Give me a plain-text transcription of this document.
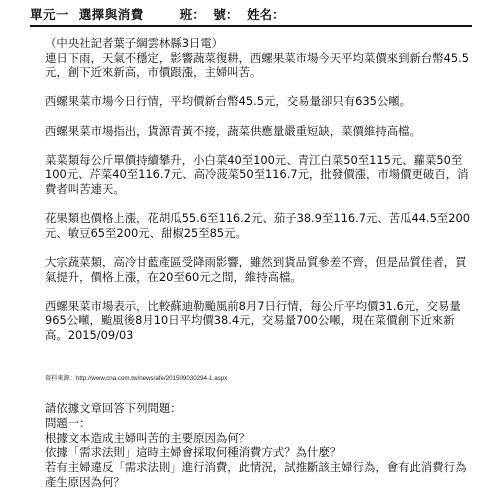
單元一  選擇與消費	班：  號：  姓名：

（中央社記者葉子綱雲林縣3日電）

連日下雨，天氣不穩定，影響蔬菜復耕，西螺果菜市場今天平均菜價來到新台幣45.5元，創下近來新高，市價跟漲，主婦叫苦。

西螺果菜市場今日行情，平均價新台幣45.5元，交易量卻只有635公噸。

西螺果菜市場指出，貨源青黃不接，蔬菜供應量嚴重短缺，菜價維持高檔。

菜菜類每公斤單價持續攀升，小白菜40至100元、青江白菜50至115元、蘿菜50至100元、芹菜40至116.7元、高冷菠菜50至116.7元，批發價漲，市場價更破百，消費者叫苦連天。

花果類也價格上漲，花胡瓜55.6至116.2元、茄子38.9至116.7元、苦瓜44.5至200元、敏豆65至200元、甜椒25至85元。

大宗蔬菜類，高冷甘藍產區受降雨影響，雖然到貨品質參差不齊，但是品質佳者，買氣提升，價格上漲，在20至60元之間，維持高檔。

西螺果菜市場表示，比較蘇迪勒颱風前8月7日行情，每公斤平均價31.6元，交易量965公噸，颱風後8月10日平均價38.4元，交易量700公噸，現在菜價創下近來新高。2015/09/03

資料來源：http://www.cna.com.tw/news/afe/201509030294-1.aspx

請依據文章回答下列問題：

問題一：

根據文本造成主婦叫苦的主要原因為何？

依據「需求法則」這時主婦會採取何種消費方式？為什麼？

若有主婦違反「需求法則」進行消費，此情況，試推斷該主婦行為，會有此消費行為產生原因為何？
